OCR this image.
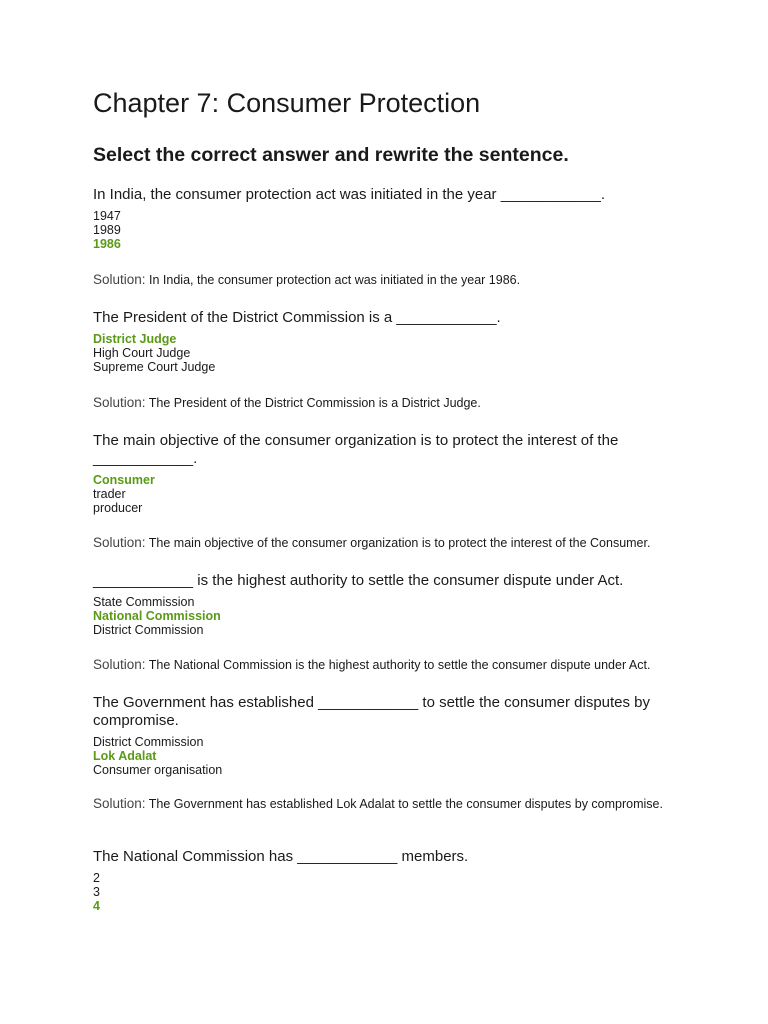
Chapter 7: Consumer Protection
Select the correct answer and rewrite the sentence.

In India, the consumer protection act was initiated in the year ____________.

1947
1989
1986

Solution: In India, the consumer protection act was initiated in the year 1986.

The President of the District Commission is a ____________.

District Judge
High Court Judge
Supreme Court Judge

Solution: The President of the District Commission is a District Judge.

The main objective of the consumer organization is to protect the interest of the ____________.

Consumer
trader
producer

Solution: The main objective of the consumer organization is to protect the interest of the Consumer.

____________ is the highest authority to settle the consumer dispute under Act.

State Commission
National Commission
District Commission

Solution: The National Commission is the highest authority to settle the consumer dispute under Act.

The Government has established ____________ to settle the consumer disputes by compromise.

District Commission
Lok Adalat
Consumer organisation

Solution: The Government has established Lok Adalat to settle the consumer disputes by compromise.

The National Commission has ____________ members.

2
3
4
